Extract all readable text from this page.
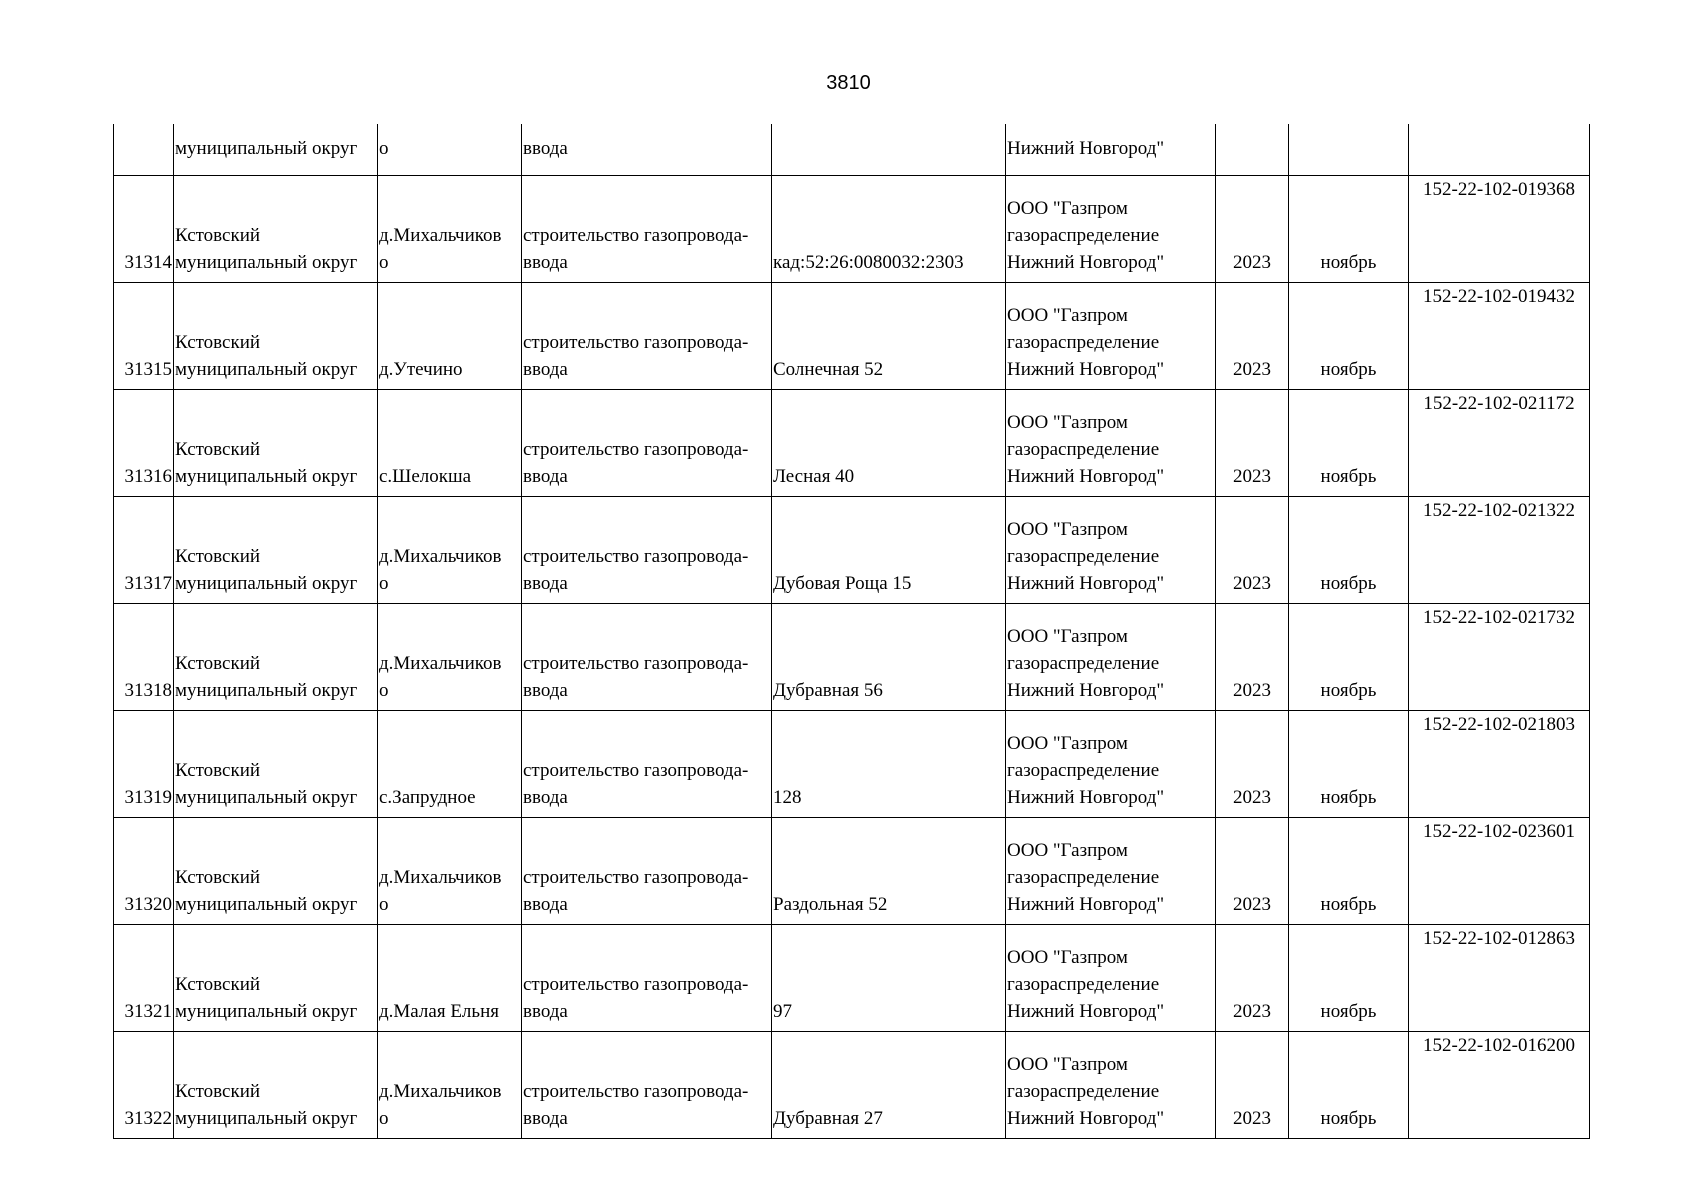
3810
	муниципальный округ	о	ввода		Нижний Новгород"			
31314	Кстовский
муниципальный округ	д.Михальчиков
о	строительство газопровода-
ввода	кад:52:26:0080032:2303	ООО "Газпром
газораспределение
Нижний Новгород"	2023	ноябрь	152-22-102-019368
31315	Кстовский
муниципальный округ	д.Утечино	строительство газопровода-
ввода	Солнечная 52	ООО "Газпром
газораспределение
Нижний Новгород"	2023	ноябрь	152-22-102-019432
31316	Кстовский
муниципальный округ	с.Шелокша	строительство газопровода-
ввода	Лесная 40	ООО "Газпром
газораспределение
Нижний Новгород"	2023	ноябрь	152-22-102-021172
31317	Кстовский
муниципальный округ	д.Михальчиков
о	строительство газопровода-
ввода	Дубовая Роща 15	ООО "Газпром
газораспределение
Нижний Новгород"	2023	ноябрь	152-22-102-021322
31318	Кстовский
муниципальный округ	д.Михальчиков
о	строительство газопровода-
ввода	Дубравная 56	ООО "Газпром
газораспределение
Нижний Новгород"	2023	ноябрь	152-22-102-021732
31319	Кстовский
муниципальный округ	с.Запрудное	строительство газопровода-
ввода	128	ООО "Газпром
газораспределение
Нижний Новгород"	2023	ноябрь	152-22-102-021803
31320	Кстовский
муниципальный округ	д.Михальчиков
о	строительство газопровода-
ввода	Раздольная 52	ООО "Газпром
газораспределение
Нижний Новгород"	2023	ноябрь	152-22-102-023601
31321	Кстовский
муниципальный округ	д.Малая Ельня	строительство газопровода-
ввода	97	ООО "Газпром
газораспределение
Нижний Новгород"	2023	ноябрь	152-22-102-012863
31322	Кстовский
муниципальный округ	д.Михальчиков
о	строительство газопровода-
ввода	Дубравная 27	ООО "Газпром
газораспределение
Нижний Новгород"	2023	ноябрь	152-22-102-016200
